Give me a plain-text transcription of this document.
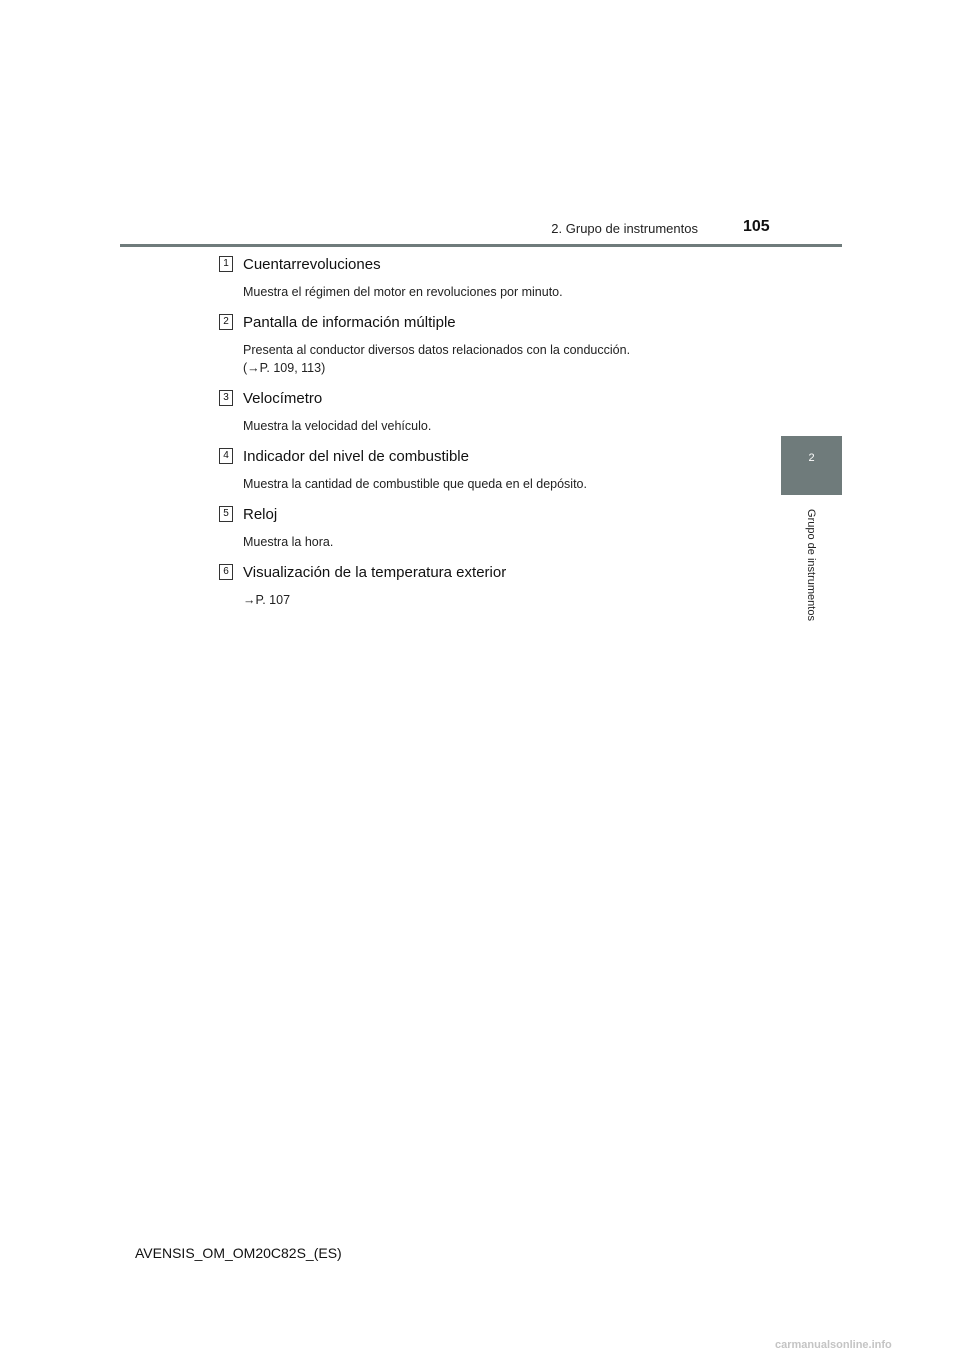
2. Grupo de instrumentos	105
2
Grupo de instrumentos
1 Cuentarrevoluciones
Muestra el régimen del motor en revoluciones por minuto.
2 Pantalla de información múltiple
Presenta al conductor diversos datos relacionados con la conducción.
(→P. 109, 113)
3 Velocímetro
Muestra la velocidad del vehículo.
4 Indicador del nivel de combustible
Muestra la cantidad de combustible que queda en el depósito.
5 Reloj
Muestra la hora.
6 Visualización de la temperatura exterior
→P. 107
AVENSIS_OM_OM20C82S_(ES)
carmanualsonline.info
